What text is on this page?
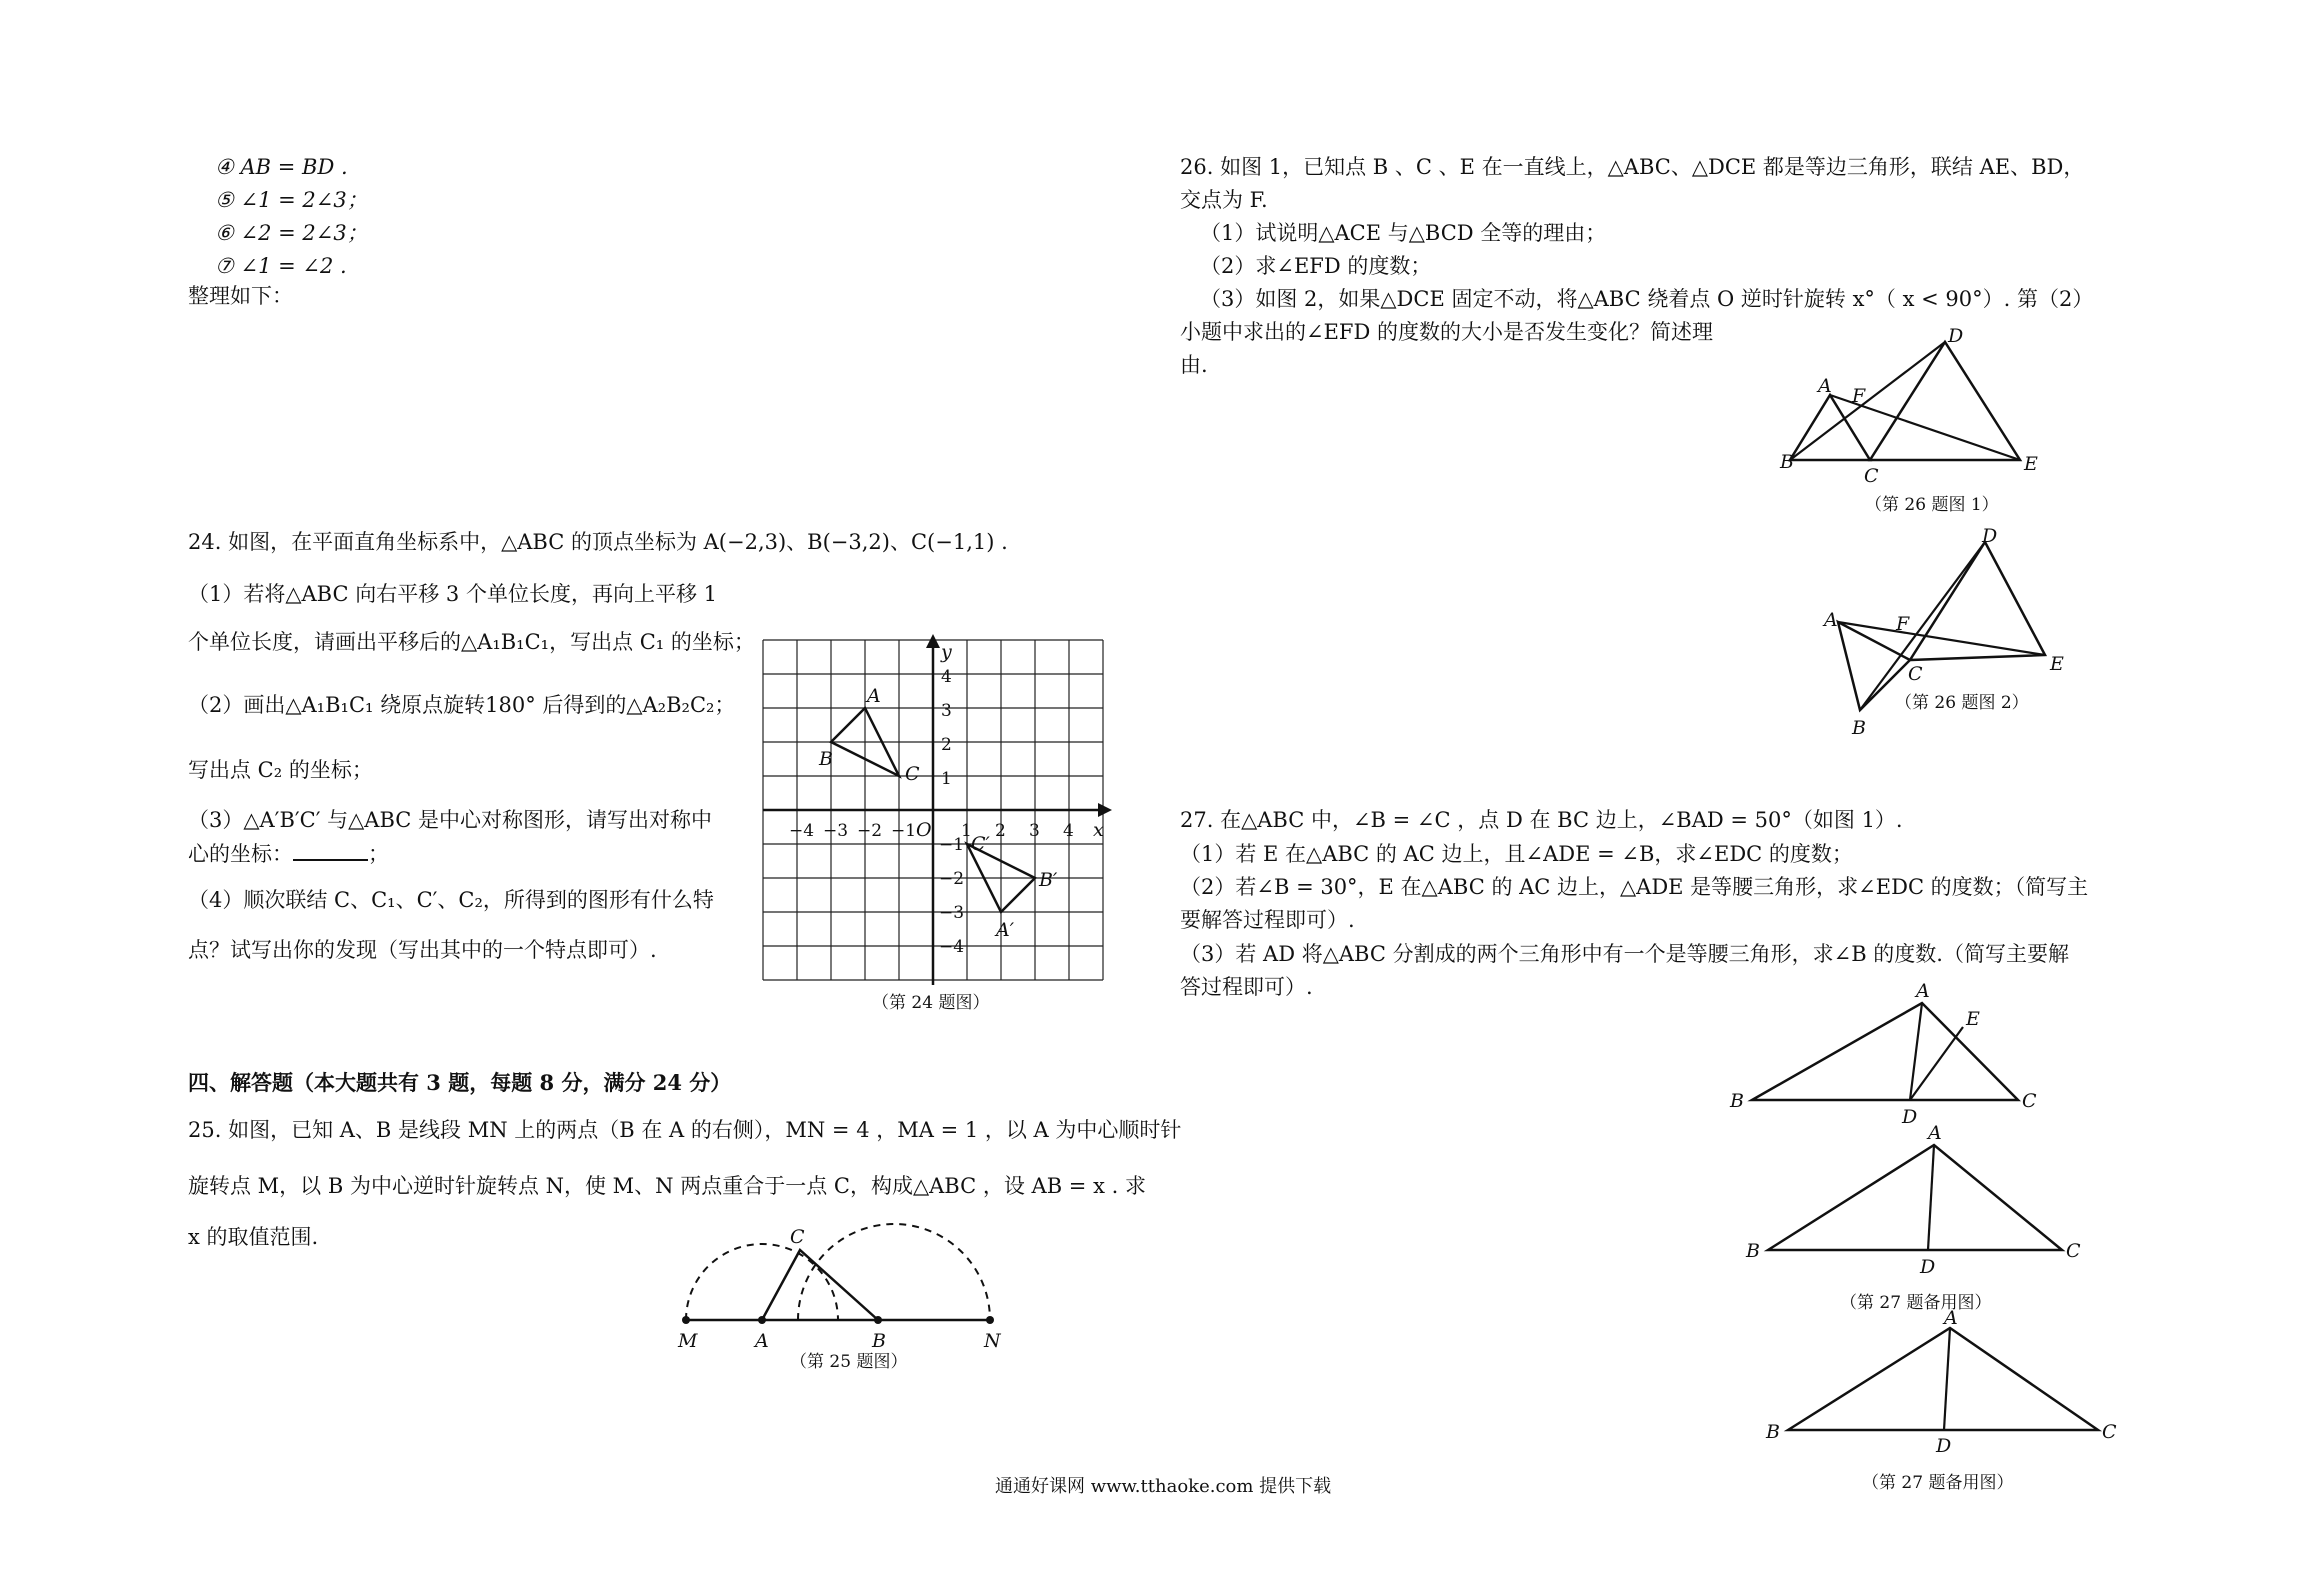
④ AB = BD .
⑤ ∠1 = 2∠3；
⑥ ∠2 = 2∠3；
⑦ ∠1 = ∠2 .
整理如下：
24. 如图，在平面直角坐标系中，△ABC 的顶点坐标为 A(−2,3)、B(−3,2)、C(−1,1) .
（1）若将△ABC 向右平移 3 个单位长度，再向上平移 1
个单位长度，请画出平移后的△A₁B₁C₁，写出点 C₁ 的坐标；
（2）画出△A₁B₁C₁ 绕原点旋转180° 后得到的△A₂B₂C₂；
写出点 C₂ 的坐标；
（3）△A′B′C′ 与△ABC 是中心对称图形，请写出对称中
心的坐标：	；
（4）顺次联结 C、C₁、C′、C₂，所得到的图形有什么特
点？试写出你的发现（写出其中的一个特点即可）.
A
B
C
O	x
y
A′
B′
C′
−4 −3 −2 −1	1 2 3 4
4
3
2
1
−1
−2
−3
−4
（第 24 题图）
四、解答题（本大题共有 3 题，每题 8 分，满分 24 分）
25. 如图，已知 A、B 是线段 MN 上的两点（B 在 A 的右侧），MN = 4 ，MA = 1 ，以 A 为中心顺时针
旋转点 M，以 B 为中心逆时针旋转点 N，使 M、N 两点重合于一点 C，构成△ABC ，设 AB = x . 求
x 的取值范围.
M	A	B	N
C
（第 25 题图）
26. 如图 1，已知点 B 、C 、E 在一直线上，△ABC、△DCE 都是等边三角形，联结 AE、BD，
交点为 F.
（1）试说明△ACE 与△BCD 全等的理由；
（2）求∠EFD 的度数；
（3）如图 2，如果△DCE 固定不动，将△ABC 绕着点 O 逆时针旋转 x°（ x < 90°）. 第（2）
小题中求出的∠EFD 的度数的大小是否发生变化？简述理
由.
A
B
C
D
E
F
（第 26 题图 1）
A
B
C
D
E
F
（第 26 题图 2）
27. 在△ABC 中，∠B = ∠C ，点 D 在 BC 边上，∠BAD = 50°（如图 1）.
（1）若 E 在△ABC 的 AC 边上，且∠ADE = ∠B，求∠EDC 的度数；
（2）若∠B = 30°，E 在△ABC 的 AC 边上，△ADE 是等腰三角形，求∠EDC 的度数；（简写主
要解答过程即可）.
（3）若 AD 将△ABC 分割成的两个三角形中有一个是等腰三角形，求∠B 的度数.（简写主要解
答过程即可）.	A
B	C
D
E
A
B	C
D
（第 27 题备用图）
A
B	C
D
（第 27 题备用图）
通通好课网 www.tthaoke.com 提供下载
